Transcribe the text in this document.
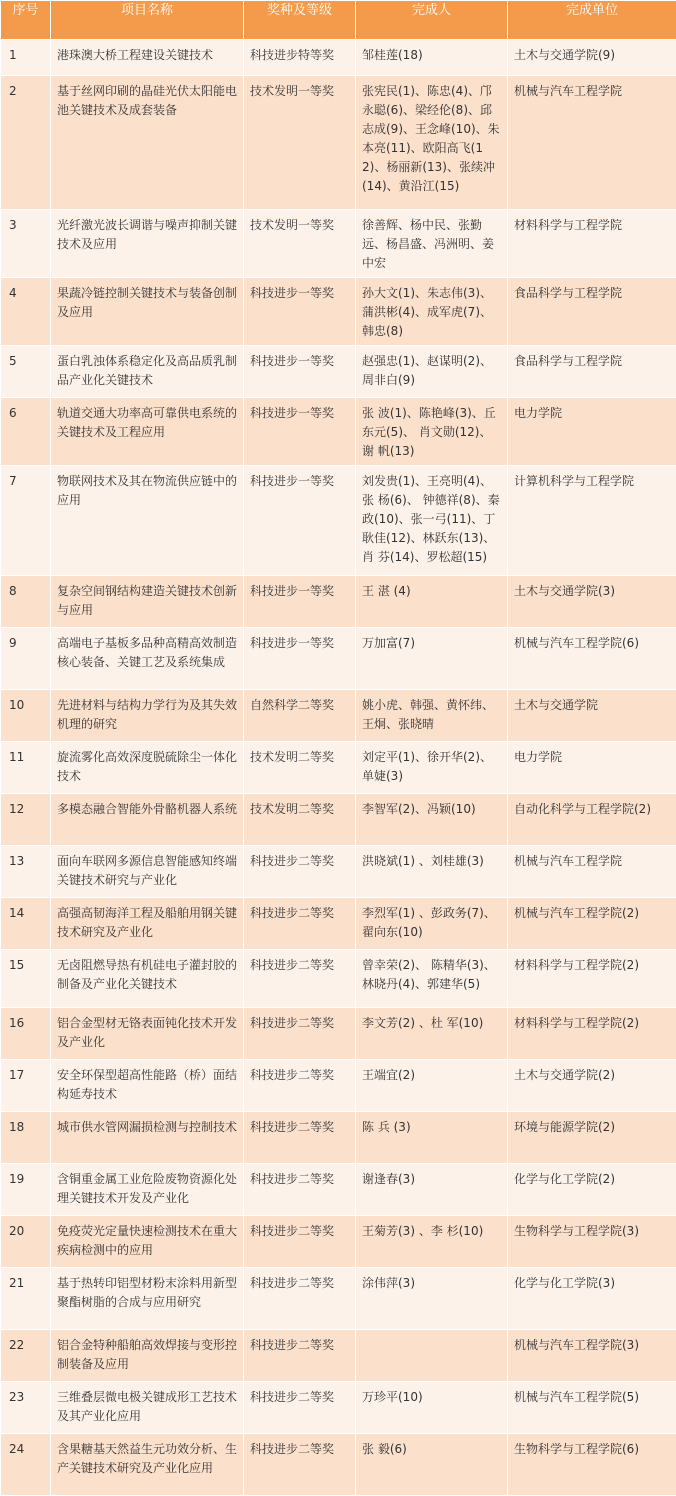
序号	项目名称	奖种及等级	完成人	完成单位
1	港珠澳大桥工程建设关键技术	科技进步特等奖	邹桂莲(18)	土木与交通学院(9)
2	基于丝网印刷的晶硅光伏太阳能电池关键技术及成套装备	技术发明一等奖	张宪民(1)、陈忠(4)、邝永聪(6)、梁经伦(8)、邱志成(9)、王念峰(10)、朱本亮(11)、欧阳高飞(12)、杨丽新(13)、张续冲(14)、黄沿江(15)	机械与汽车工程学院
3	光纤激光波长调谐与噪声抑制关键技术及应用	技术发明一等奖	徐善辉、杨中民、张勤远、杨昌盛、冯洲明、姜中宏	材料科学与工程学院
4	果蔬冷链控制关键技术与装备创制及应用	科技进步一等奖	孙大文(1)、朱志伟(3)、蒲洪彬(4)、成军虎(7)、韩忠(8)	食品科学与工程学院
5	蛋白乳浊体系稳定化及高品质乳制品产业化关键技术	科技进步一等奖	赵强忠(1)、赵谋明(2)、周非白(9)	食品科学与工程学院
6	轨道交通大功率高可靠供电系统的关键技术及工程应用	科技进步一等奖	张 波(1)、陈艳峰(3)、丘东元(5)、 肖文勋(12)、 谢 帆(13)	电力学院
7	物联网技术及其在物流供应链中的应用	科技进步一等奖	刘发贵(1)、王亮明(4)、张 杨(6)、 钟德祥(8)、秦 政(10)、张一弓(11)、丁耿佳(12)、林跃东(13)、 肖 芬(14)、罗松超(15)	计算机科学与工程学院
8	复杂空间钢结构建造关键技术创新与应用	科技进步一等奖	王 湛 (4)	土木与交通学院(3)
9	高端电子基板多品种高精高效制造核心装备、关键工艺及系统集成	科技进步一等奖	万加富(7)	机械与汽车工程学院(6)
10	先进材料与结构力学行为及其失效机理的研究	自然科学二等奖	姚小虎、韩强、黄怀纬、王炯、张晓晴	土木与交通学院
11	旋流雾化高效深度脱硫除尘一体化技术	技术发明二等奖	刘定平(1)、徐开华(2)、单婕(3)	电力学院
12	多模态融合智能外骨骼机器人系统	技术发明二等奖	李智军(2)、冯颖(10)	自动化科学与工程学院(2)
13	面向车联网多源信息智能感知终端关键技术研究与产业化	科技进步二等奖	洪晓斌(1) 、刘桂雄(3)	机械与汽车工程学院
14	高强高韧海洋工程及船舶用钢关键技术研究及产业化	科技进步二等奖	李烈军(1) 、彭政务(7)、翟向东(10)	机械与汽车工程学院(2)
15	无卤阻燃导热有机硅电子灌封胶的制备及产业化关键技术	科技进步二等奖	曾幸荣(2)、 陈精华(3)、林晓丹(4)、郭建华(5)	材料科学与工程学院(2)
16	铝合金型材无铬表面钝化技术开发及产业化	科技进步二等奖	李文芳(2) 、杜 军(10)	材料科学与工程学院(2)
17	安全环保型超高性能路（桥）面结构延寿技术	科技进步二等奖	王端宜(2)	土木与交通学院(2)
18	城市供水管网漏损检测与控制技术	科技进步二等奖	陈 兵 (3)	环境与能源学院(2)
19	含铜重金属工业危险废物资源化处理关键技术开发及产业化	科技进步二等奖	谢逢春(3)	化学与化工学院(2)
20	免疫荧光定量快速检测技术在重大疾病检测中的应用	科技进步二等奖	王菊芳(3) 、李 杉(10)	生物科学与工程学院(3)
21	基于热转印铝型材粉末涂料用新型聚酯树脂的合成与应用研究	科技进步二等奖	涂伟萍(3)	化学与化工学院(3)
22	铝合金特种船舶高效焊接与变形控制装备及应用	科技进步二等奖		机械与汽车工程学院(3)
23	三维叠层微电极关键成形工艺技术及其产业化应用	科技进步二等奖	万珍平(10)	机械与汽车工程学院(5)
24	含果糖基天然益生元功效分析、生产关键技术研究及产业化应用	科技进步二等奖	张 毅(6)	生物科学与工程学院(6)
